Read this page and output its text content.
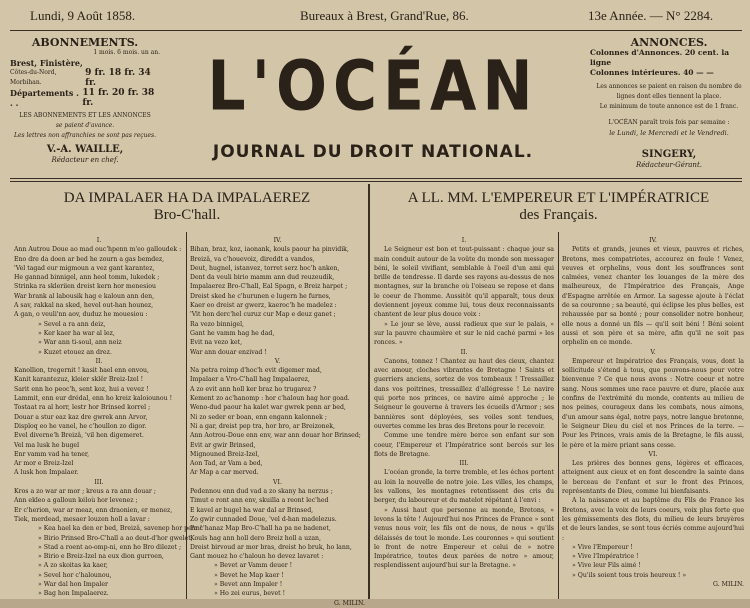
Lundi, 9 Août 1858.	Bureaux à Brest, Grand'Rue, 86.	13e Année. — N° 2284.
ABONNEMENTS.
1 mois. 6 mois. un an.
Brest, Finistère,
Côtes-du-Nord, Morbihan.
9 fr. 18 fr. 34 fr.
Départements . . .
11 fr. 20 fr. 38 fr.
LES ABONNEMENTS ET LES ANNONCES
se paient d'avance.
Les lettres non affranchies ne sont pas reçues.
V.-A. WAILLE,
Rédacteur en chef.
L'OCÉAN
JOURNAL DU DROIT NATIONAL.
ANNONCES.
Colonnes d'Annonces. 20 cent. la ligne
Colonnes intérieures. 40 — —
Les annonces se paient en raison du nombre de
lignes dont elles tiennent la place.
Le minimum de toute annonce est de 1 franc.
L'OCÉAN paraît trois fois par semaine :
le Lundi, le Mercredi et le Vendredi.
SINGERY,
Rédacteur-Gérant.
DA IMPALAER HA DA IMPALAEREZ
Bro-C'hall.
A LL. MM. L'EMPEREUR ET L'IMPÉRATRICE
des Français.
I.
Ann Autrou Doue ao mad ouc'hpenn m'eo galloudek :
Eno dre da doen ar bed he zourn a gas bemdez,
'Vel tagad eur migmoun a vez gant karantez,
He gannad binnigel, ann heol tomm, lukedek ;
Strinka ra skleriien dreist kern hor menesiou
War brank al labousik hag e kaloun ann den,
A sav, rakkal na sked, hevel out-han hounez,
A gan, o veuli'nn aov, duduz he mouesiou :
» Sevel a ra ann deiz,
» Ker kaer ha war al lez,
» War ann ti-soul, ann neiz
» Kuzet etouez an drez.
II.
Kanollion, tregernit ! kasit hael enn envou,
Kanit karantezuz, kleier sklêr Breiz-Izel !
Sarit enn ho peoc'h, sent koz, hui a vevez !
Lammit, enn eur drédal, enn ho kreiz kaloiounou !
Tostaat ra al horr, lestr hor Brinsed korrel ;
Douar a stur eaz kaz dre gwrek ann Arvor,
Disploq eo he vanel, he c'houllon zo digor.
Evel diverne'h Breizâ, 'vil hen digemeret.
Vel ma lusk he bugel
Enr vamm vad ha tener,
Ar mor e Breiz-Izel
A lusk hon Impalaer.
III.
Kros a zo war ar mor ; kreus a ra ann douar ;
Ann ekleo a galloun kéloù hor levenez ;
Er c'herion, war ar meaz, enn draonien, er menez,
Tiek, merdead, mesaer louzen holl a lavar :
» Kea hael ka den er bed, Breizâ, savenep hor penn!
» Birio Prinsed Bro-C'hall a ao deut-d'hor gwelet,
» Stad a roent ao-omp-ni, enn ho Bro dilezet ;
» Birio e Breiz-Izel na eux dion gurroen,
» A zo skoitas ka kaer,
» Sevel hor c'halounou,
» War dal hon Impaler
» Bag hon Impalaerez.
IV.
Bihan, braz, koz, iaonank, kouls paour ha pinvidik,
Breizâ, va c'houevoiz, direddt a vandos,
Deut, hugnel, istanvez, torret serz hoc'h anken,
Dent da veuli birio mamm ann dud reuzeudik,
Impalaerez Bro-C'hall, Eal Spagn, e Breiz harpet ;
Dreist sked he c'hurunen e lugern he furnes,
Kaer eo dreist ar gwerz, kaeroc'h he madelez :
'Vit hon derc'hel curuz cur Map e deuz ganet ;
Ra vezo binnigel,
Gant he vamm hag he dad,
Evit na vezo ket,
War ann douar enzivad !
V.
Na petra roimp d'hoc'h evit digemer mad,
Impalaer a Vro-C'hall hag Impalaerez,
A zo evit ann holl ker braz ho trugarez ?
Kement zo ac'hanomp : hor c'haloun hag hor goad.
Weno-dud paour ha kalet war gwrek penn ar bed,
Ni zo seder er boan, enn engann kalonnek ;
Ni a gar, dreist pep tra, hor bro, ar Breizonek,
Ann Aotrou-Doue enn env, war ann douar hor Brinsed;
Evit ar gwir Brinsed,
Mignouned Breiz-Izel,
Aon Tad, ar Vam a bed,
Ar Map a car merved.
VI.
Pedennou enn dud vad a zo skany ha nerzus ;
Timut e ront ann env, skuilla a reont lec'hed
E kavel ar bugel ha war dal ar Brinsed,
Zo gwir cunnaded Doue, 'vel d-han madelezus.
Pa c'hanaz Map Bro-C'hall ha pa ne badenet,
Kouls hag ann holl dero Breiz holl a uzan,
Dreist birvoud ar mor bras, dreist ho bruk, ho lann,
Gant mouez ho c'haloun ho devez lavaret :
» Bevet ar Vamm deuer !
» Bevet he Map kaer !
» Bevet ann Impaler !
» Ho zei eurus, bevet !
G. MILIN.
I.

Le Seigneur est bon et tout-puissant : chaque jour sa main conduit autour de la voûte du monde son messager béni, le soleil vivifiant, semblable à l'oeil d'un ami qui brille de tendresse. Il darde ses rayons au-dessus de nos montagnes, sur la branche où l'oiseau se repose et dans le coeur de l'homme. Aussitôt qu'il apparaît, tous deux deviennent joyeux comme lui, tous deux reconnaissants chantent de leur plus douce voix :

» Le jour se lève, aussi radieux que sur le palais, » sur la pauvre chaumière et sur le nid caché parmi » les ronces. »

II.

Canons, tonnez ! Chantez au haut des cieux, chantez avec amour, cloches vibrantes de Bretagne ! Saints et guerriers anciens, sortez de vos tombeaux ! Tressaillez dans vos poitrines, tressaillez d'allégresse ! Le navire qui porte nos princes, ce navire aimé approche ; le Seigneur le gouverne à travers les écueils d'Armor ; ses bannières sont déployées, ses voiles sont tendues, ouvertes comme les bras des Bretons pour le recevoir.

Comme une tendre mère berce son enfant sur son coeur, l'Empereur et l'Impératrice sont bercés sur les flots de Bretagne.

III.

L'océan gronde, la terre tremble, et les échos portent au loin la nouvelle de notre joie. Les villes, les champs, les vallons, les montagnes retentissent des cris du berger, du laboureur et du matelot répétant à l'envi :

» Aussi haut que personne au monde, Bretons, » levons la tête ! Aujourd'hui nos Princes de France » sont venus nous voir, les fils ont de nous, de nous » qu'ils délaissés de tout le monde. Les couronnes » qui soutient le front de notre Empereur et celui de » notre Impératrice, toutes deux parées de notre » amour, resplendissent aujourd'hui sur la Bretagne. »

IV.

Petits et grands, jeunes et vieux, pauvres et riches, Bretons, mes compatriotes, accourez en foule ! Venez, veuves et orphelins, vous dont les souffrances sont calmées, venez chanter les louanges de la mère des malheureux, de l'Impératrice des Français, Ange d'Espagne arrêtée en Armor. La sagesse ajoute à l'éclat de sa couronne ; sa beauté, qui éclipse les plus belles, est rehaussée par sa bonté ; pour consolider notre bonheur, elle nous a donné un fils — qu'il soit béni ! Béni soient aussi et son père et sa mère, afin qu'il ne soit pas orphelin en ce monde.

V.

Empereur et Impératrice des Français, vous, dont la sollicitude s'étend à tous, que pouvons-nous pour votre bienvenue ? Ce que nous avons : Notre coeur et notre sang. Nous sommes une race pauvre et dure, placée aux confins de l'extrémité du monde, contents au milieu de nos peines, courageux dans les combats, nous aimons, d'un amour sans égal, notre pays, notre langue bretonne, le Seigneur Dieu du ciel et nos Princes de la terre. — Pour les Princes, vrais amis de la Bretagne, le fils aussi, le père et la mère priant sans cesse.

VI.

Les prières des bonnes gens, légères et efficaces, atteignent aux cieux et en font descendre la sainte dans le berceau de l'enfant et sur le front des Princes, représentants de Dieu, comme lui bienfaisants.

A la naissance et au baptême du Fils de France les Bretons, avec la voix de leurs coeurs, voix plus forte que les gémissements des flots, du milieu de leurs bruyères et de leurs landes, se sont tous écriés comme aujourd'hui :

» Vive l'Empereur !

» Vive l'Impératrice !

» Vive leur Fils aimé !

» Qu'ils soient tous trois heureux ! »

G. MILIN.
